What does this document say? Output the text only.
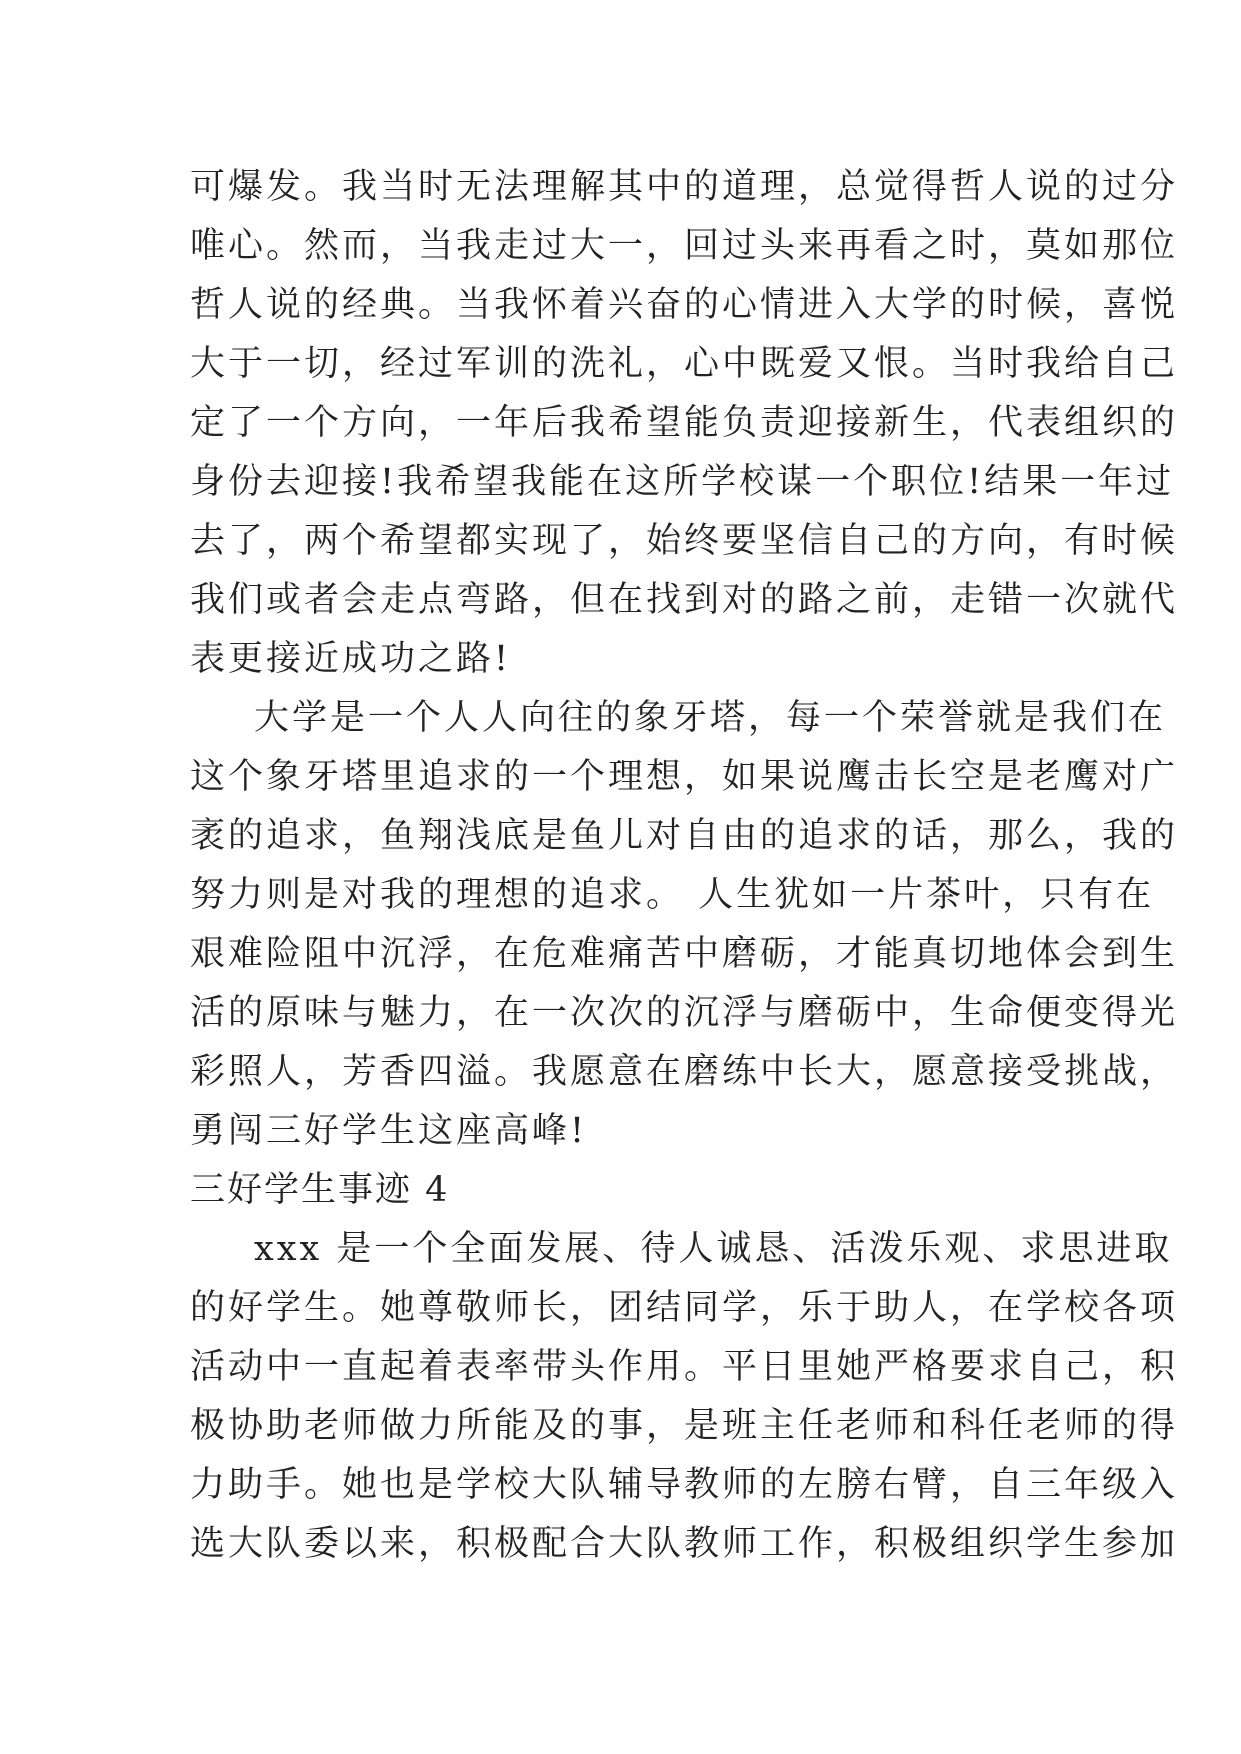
可爆发。我当时无法理解其中的道理，总觉得哲人说的过分
唯心。然而，当我走过大一，回过头来再看之时，莫如那位
哲人说的经典。当我怀着兴奋的心情进入大学的时候，喜悦
大于一切，经过军训的洗礼，心中既爱又恨。当时我给自己
定了一个方向，一年后我希望能负责迎接新生，代表组织的
身份去迎接!我希望我能在这所学校谋一个职位!结果一年过
去了，两个希望都实现了，始终要坚信自己的方向，有时候
我们或者会走点弯路，但在找到对的路之前，走错一次就代
表更接近成功之路!
大学是一个人人向往的象牙塔，每一个荣誉就是我们在
这个象牙塔里追求的一个理想，如果说鹰击长空是老鹰对广
袤的追求，鱼翔浅底是鱼儿对自由的追求的话，那么，我的
努力则是对我的理想的追求。 人生犹如一片茶叶，只有在
艰难险阻中沉浮，在危难痛苦中磨砺，才能真切地体会到生
活的原味与魅力，在一次次的沉浮与磨砺中，生命便变得光
彩照人，芳香四溢。我愿意在磨练中长大，愿意接受挑战，
勇闯三好学生这座高峰!
三好学生事迹 4
xxx 是一个全面发展、待人诚恳、活泼乐观、求思进取
的好学生。她尊敬师长，团结同学，乐于助人，在学校各项
活动中一直起着表率带头作用。平日里她严格要求自己，积
极协助老师做力所能及的事，是班主任老师和科任老师的得
力助手。她也是学校大队辅导教师的左膀右臂，自三年级入
选大队委以来，积极配合大队教师工作，积极组织学生参加
